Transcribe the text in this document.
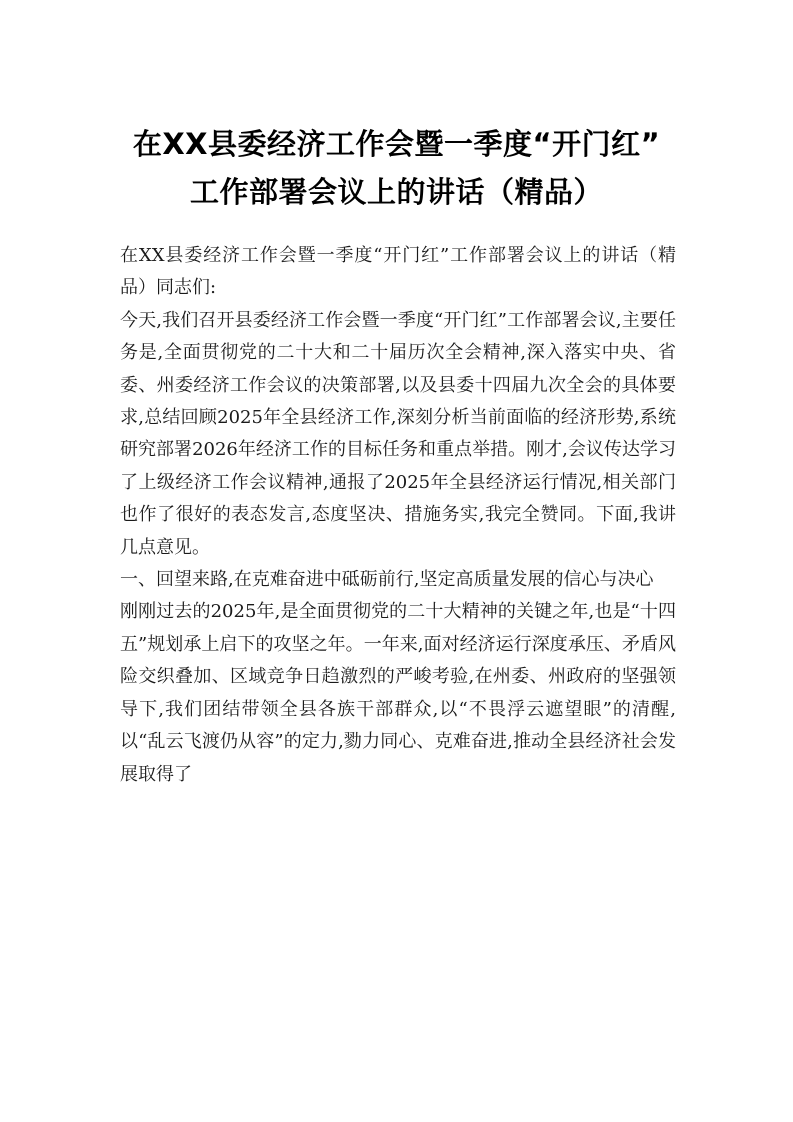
在XX县委经济工作会暨一季度“开门红”
工作部署会议上的讲话（精品）

在XX县委经济工作会暨一季度“开门红”工作部署会议上的讲话（精品）同志们:

今天,我们召开县委经济工作会暨一季度“开门红”工作部署会议,主要任务是,全面贯彻党的二十大和二十届历次全会精神,深入落实中央、省委、州委经济工作会议的决策部署,以及县委十四届九次全会的具体要求,总结回顾2025年全县经济工作,深刻分析当前面临的经济形势,系统研究部署2026年经济工作的目标任务和重点举措。刚才,会议传达学习了上级经济工作会议精神,通报了2025年全县经济运行情况,相关部门也作了很好的表态发言,态度坚决、措施务实,我完全赞同。下面,我讲几点意见。

一、回望来路,在克难奋进中砥砺前行,坚定高质量发展的信心与决心

刚刚过去的2025年,是全面贯彻党的二十大精神的关键之年,也是“十四五”规划承上启下的攻坚之年。一年来,面对经济运行深度承压、矛盾风险交织叠加、区域竞争日趋激烈的严峻考验,在州委、州政府的坚强领导下,我们团结带领全县各族干部群众,以“不畏浮云遮望眼”的清醒,以“乱云飞渡仍从容”的定力,勠力同心、克难奋进,推动全县经济社会发展取得了
